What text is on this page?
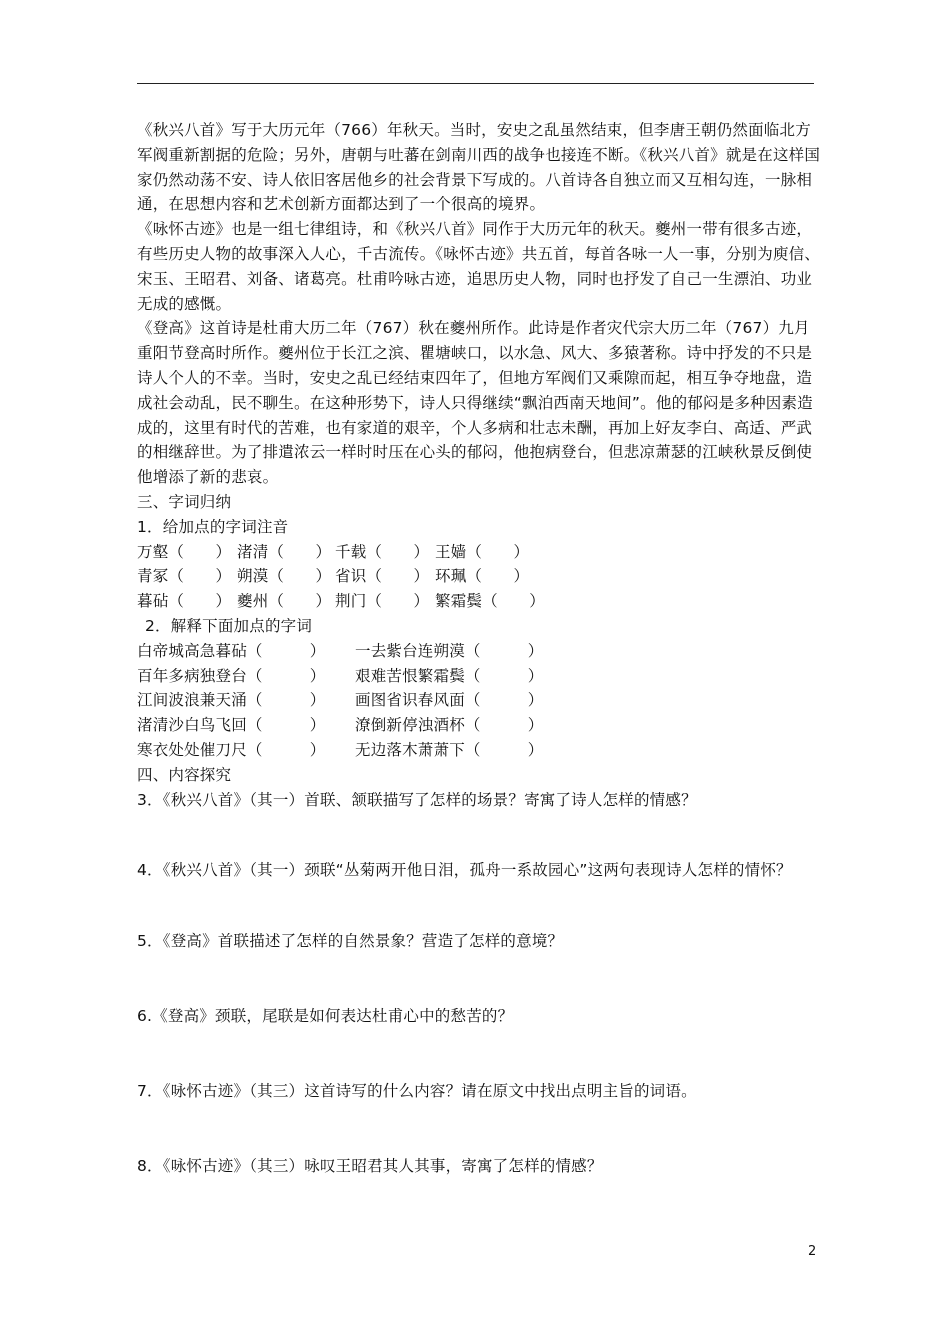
《秋兴八首》写于大历元年（766）年秋天。当时，安史之乱虽然结束，但李唐王朝仍然面临北方军阀重新割据的危险；另外，唐朝与吐蕃在剑南川西的战争也接连不断。《秋兴八首》就是在这样国家仍然动荡不安、诗人依旧客居他乡的社会背景下写成的。八首诗各自独立而又互相勾连，一脉相通，在思想内容和艺术创新方面都达到了一个很高的境界。

《咏怀古迹》也是一组七律组诗，和《秋兴八首》同作于大历元年的秋天。夔州一带有很多古迹，有些历史人物的故事深入人心，千古流传。《咏怀古迹》共五首，每首各咏一人一事，分别为庾信、宋玉、王昭君、刘备、诸葛亮。杜甫吟咏古迹，追思历史人物，同时也抒发了自己一生漂泊、功业无成的感慨。

《登高》这首诗是杜甫大历二年（767）秋在夔州所作。此诗是作者灾代宗大历二年（767）九月重阳节登高时所作。夔州位于长江之滨、瞿塘峡口，以水急、风大、多猿著称。诗中抒发的不只是诗人个人的不幸。当时，安史之乱已经结束四年了，但地方军阀们又乘隙而起，相互争夺地盘，造成社会动乱，民不聊生。在这种形势下，诗人只得继续“飘泊西南天地间”。他的郁闷是多种因素造成的，这里有时代的苦难，也有家道的艰辛，个人多病和壮志未酬，再加上好友李白、高适、严武的相继辞世。为了排遣浓云一样时时压在心头的郁闷，他抱病登台，但悲凉萧瑟的江峡秋景反倒使他增添了新的悲哀。

三、字词归纳
1．给加点的字词注音
万壑（　　） 渚清（　　） 千载（　　） 王嫱（　　）
青冢（　　） 朔漠（　　） 省识（　　） 环珮（　　）
暮砧（　　） 夔州（　　） 荆门（　　） 繁霜鬓（　　）
2．解释下面加点的字词
白帝城高急暮砧（　　　）	一去紫台连朔漠（　　　）
百年多病独登台（　　　）	艰难苦恨繁霜鬓（　　　）
江间波浪兼天涌（　　　）	画图省识春风面（　　　）
渚清沙白鸟飞回（　　　）	潦倒新停浊酒杯（　　　）
寒衣处处催刀尺（　　　）	无边落木萧萧下（　　　）
四、内容探究

3．《秋兴八首》（其一）首联、颔联描写了怎样的场景？寄寓了诗人怎样的情感？

4．《秋兴八首》（其一）颈联“丛菊两开他日泪，孤舟一系故园心”这两句表现诗人怎样的情怀？

5．《登高》首联描述了怎样的自然景象？营造了怎样的意境？

6.《登高》颈联，尾联是如何表达杜甫心中的愁苦的？

7．《咏怀古迹》（其三）这首诗写的什么内容？请在原文中找出点明主旨的词语。

8．《咏怀古迹》（其三）咏叹王昭君其人其事，寄寓了怎样的情感？

2
